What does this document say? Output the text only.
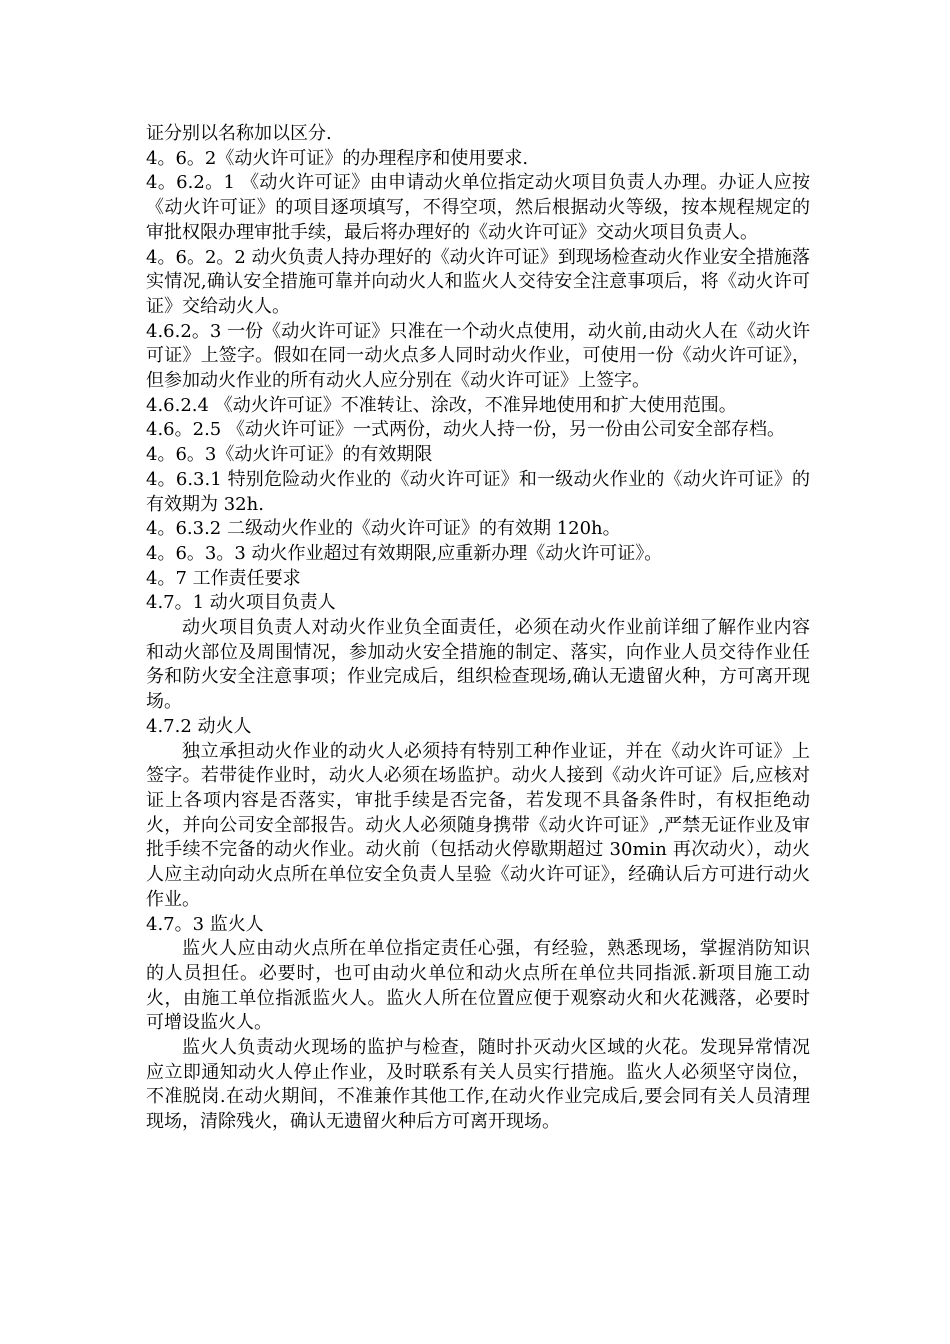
证分别以名称加以区分.

4。6。2《动火许可证》的办理程序和使用要求.

4。6.2。1 《动火许可证》由申请动火单位指定动火项目负责人办理。办证人应按《动火许可证》的项目逐项填写，不得空项，然后根据动火等级，按本规程规定的审批权限办理审批手续，最后将办理好的《动火许可证》交动火项目负责人。

4。6。2。2 动火负责人持办理好的《动火许可证》到现场检查动火作业安全措施落实情况,确认安全措施可靠并向动火人和监火人交待安全注意事项后，将《动火许可证》交给动火人。

4.6.2。3 一份《动火许可证》只准在一个动火点使用，动火前,由动火人在《动火许可证》上签字。假如在同一动火点多人同时动火作业，可使用一份《动火许可证》，但参加动火作业的所有动火人应分别在《动火许可证》上签字。

4.6.2.4 《动火许可证》不准转让、涂改，不准异地使用和扩大使用范围。

4.6。2.5 《动火许可证》一式两份，动火人持一份，另一份由公司安全部存档。

4。6。3《动火许可证》的有效期限

4。6.3.1 特别危险动火作业的《动火许可证》和一级动火作业的《动火许可证》的有效期为 32h.

4。6.3.2 二级动火作业的《动火许可证》的有效期 120h。

4。6。3。3 动火作业超过有效期限,应重新办理《动火许可证》。

4。7 工作责任要求

4.7。1 动火项目负责人

动火项目负责人对动火作业负全面责任，必须在动火作业前详细了解作业内容和动火部位及周围情况，参加动火安全措施的制定、落实，向作业人员交待作业任务和防火安全注意事项；作业完成后，组织检查现场,确认无遗留火种，方可离开现场。

4.7.2 动火人

独立承担动火作业的动火人必须持有特别工种作业证，并在《动火许可证》上签字。若带徒作业时，动火人必须在场监护。动火人接到《动火许可证》后,应核对证上各项内容是否落实，审批手续是否完备，若发现不具备条件时，有权拒绝动火，并向公司安全部报告。动火人必须随身携带《动火许可证》,严禁无证作业及审批手续不完备的动火作业。动火前（包括动火停歇期超过 30min 再次动火），动火人应主动向动火点所在单位安全负责人呈验《动火许可证》，经确认后方可进行动火作业。

4.7。3 监火人

监火人应由动火点所在单位指定责任心强，有经验，熟悉现场，掌握消防知识的人员担任。必要时，也可由动火单位和动火点所在单位共同指派.新项目施工动火，由施工单位指派监火人。监火人所在位置应便于观察动火和火花溅落，必要时可增设监火人。

监火人负责动火现场的监护与检查，随时扑灭动火区域的火花。发现异常情况应立即通知动火人停止作业，及时联系有关人员实行措施。监火人必须坚守岗位，不准脱岗.在动火期间，不准兼作其他工作,在动火作业完成后,要会同有关人员清理现场，清除残火，确认无遗留火种后方可离开现场。
